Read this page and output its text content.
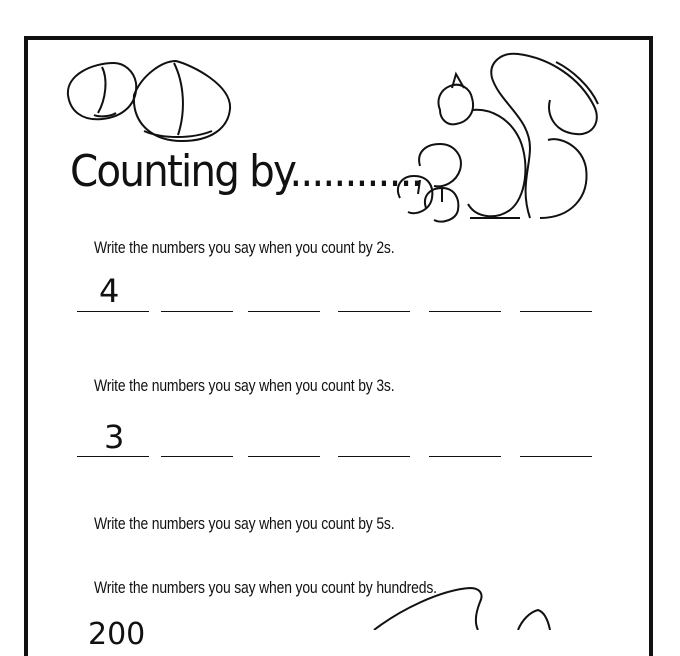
Counting by............
Write the numbers you say when you count by 2s.
4
Write the numbers you say when you count by 3s.
3
Write the numbers you say when you count by 5s.
Write the numbers you say when you count by hundreds.
200
